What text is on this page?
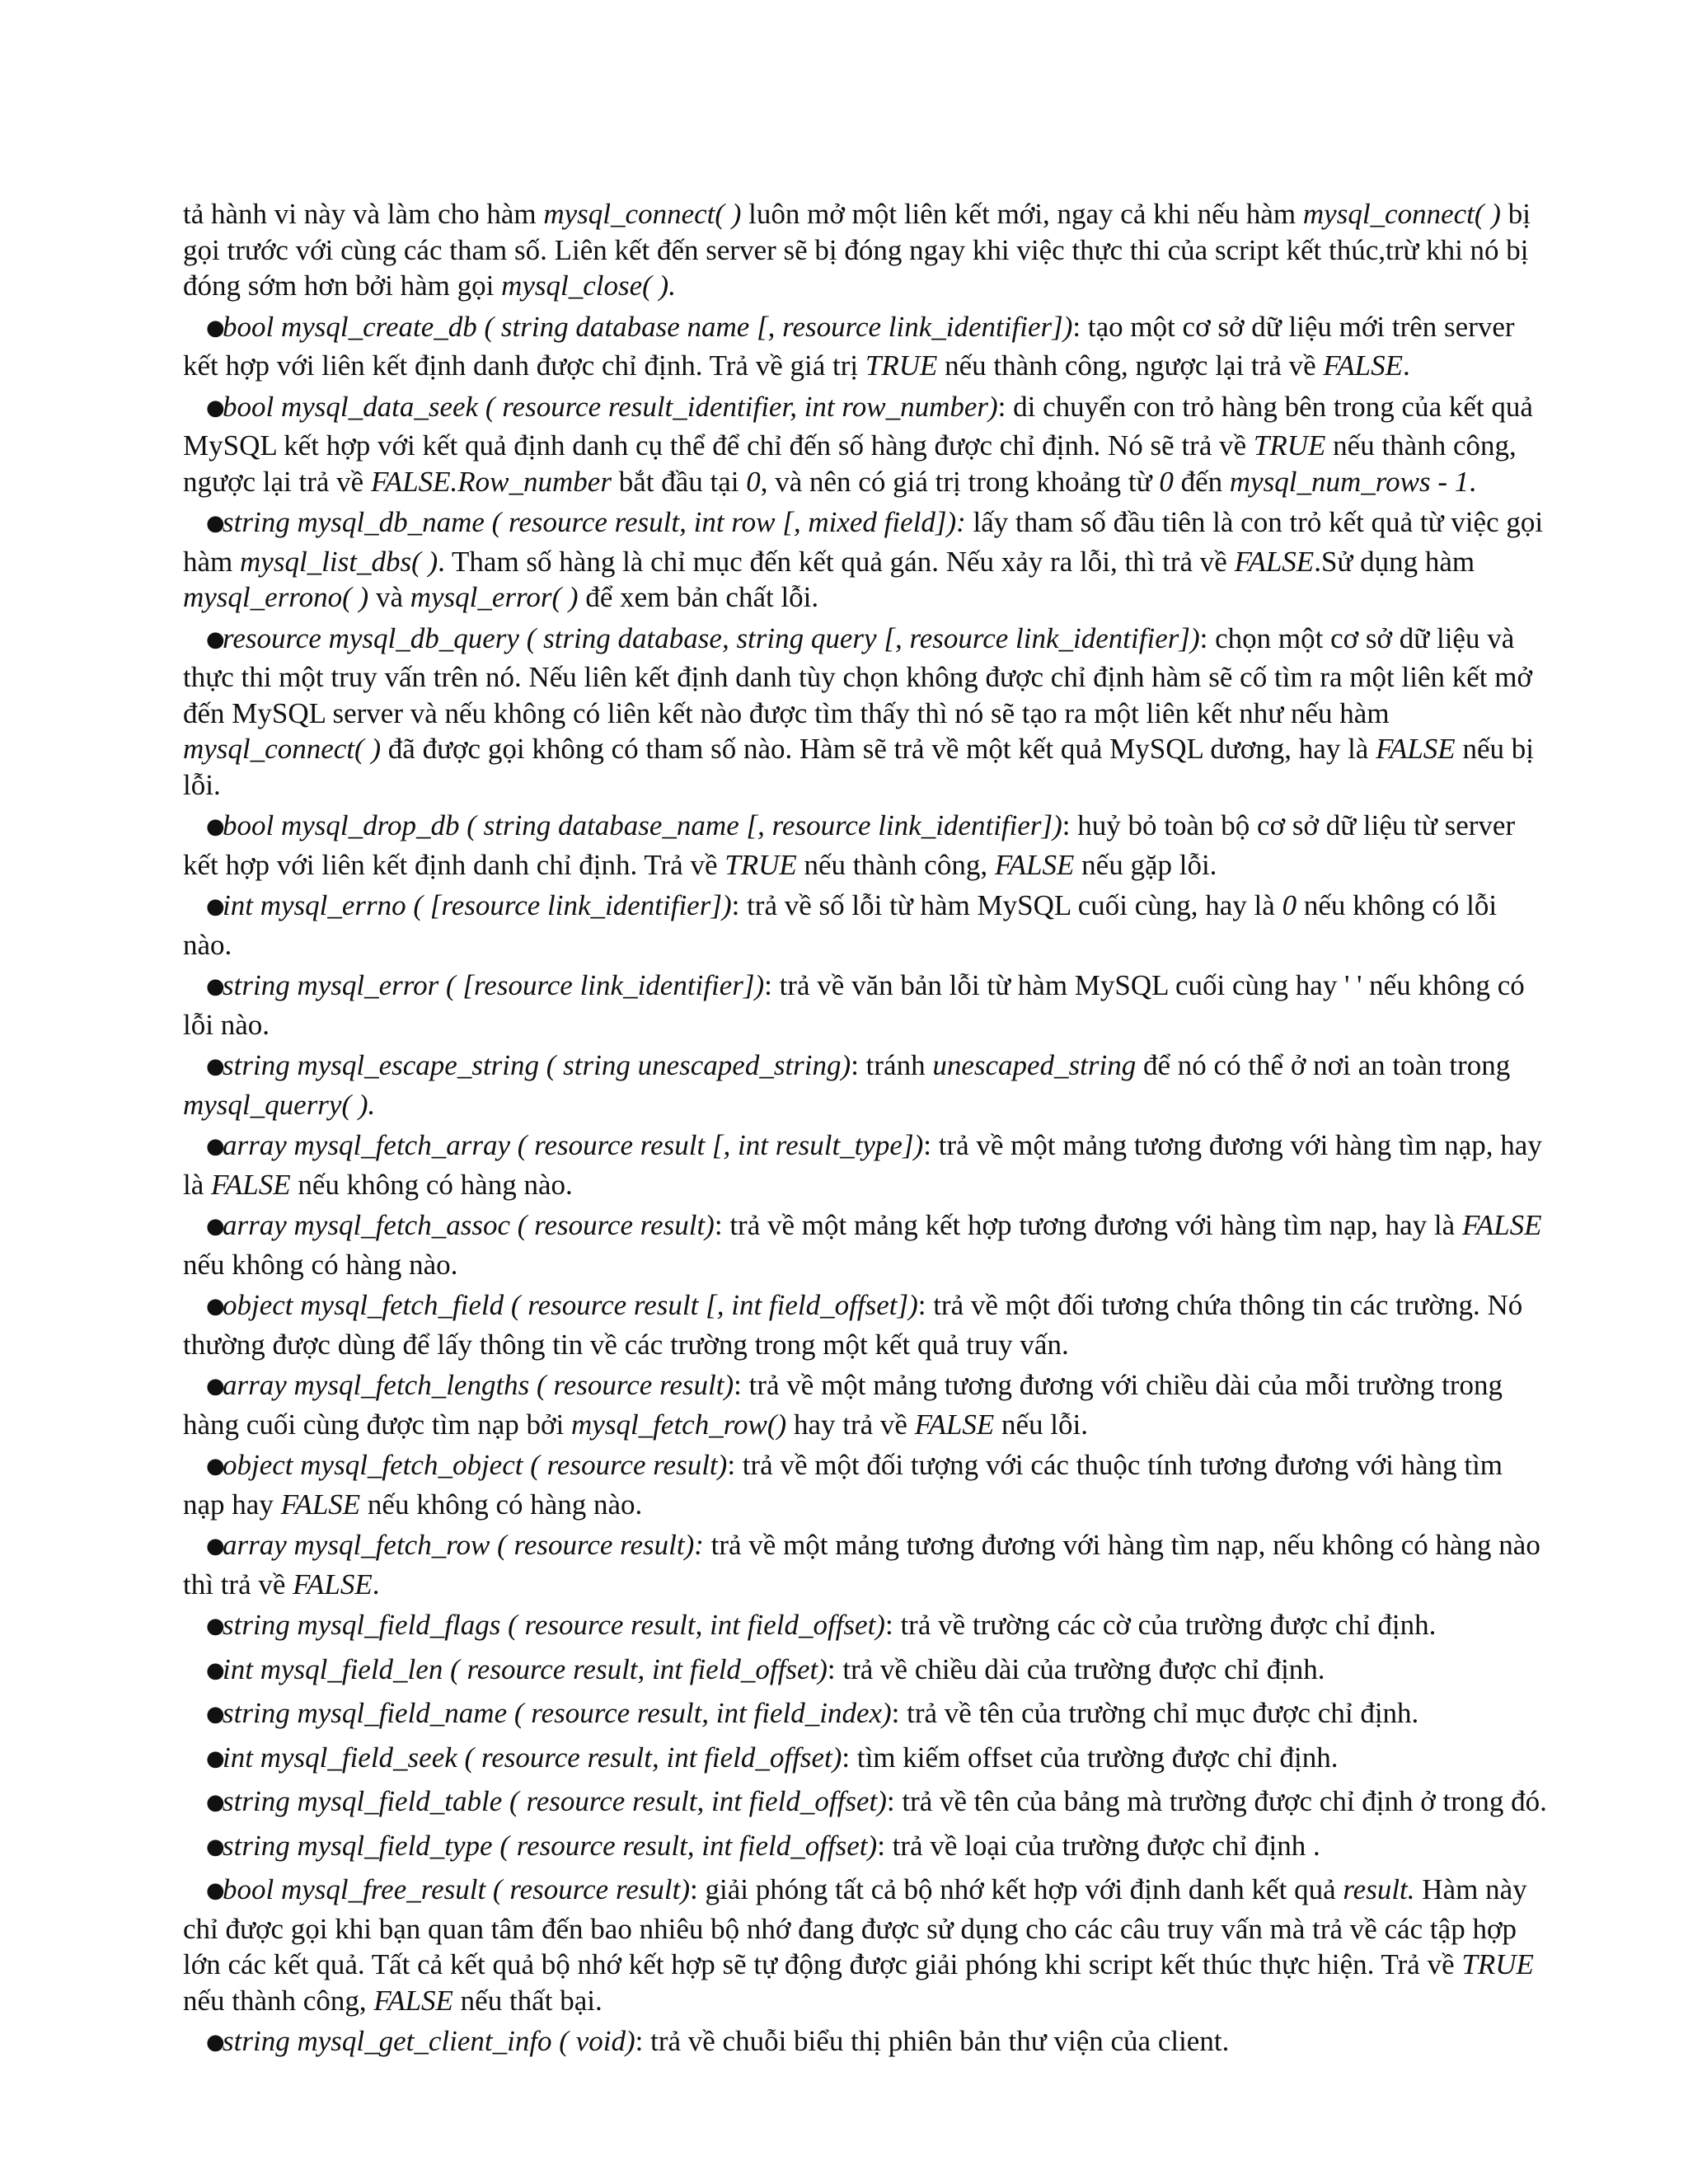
tả hành vi này và làm cho hàm mysql_connect( ) luôn mở một liên kết mới, ngay cả khi nếu hàm mysql_connect( ) bị gọi trước với cùng các tham số. Liên kết đến server sẽ bị đóng ngay khi việc thực thi của script kết thúc,trừ khi nó bị đóng sớm hơn bởi hàm gọi mysql_close( ).

●bool mysql_create_db ( string database name [, resource link_identifier]): tạo một cơ sở dữ liệu mới trên server kết hợp với liên kết định danh được chỉ định. Trả về giá trị TRUE nếu thành công, ngược lại trả về FALSE.

●bool mysql_data_seek ( resource result_identifier, int row_number): di chuyển con trỏ hàng bên trong của kết quả MySQL kết hợp với kết quả định danh cụ thể để chỉ đến số hàng được chỉ định. Nó sẽ trả về TRUE nếu thành công, ngược lại trả về FALSE.Row_number bắt đầu tại 0, và nên có giá trị trong khoảng từ 0 đến mysql_num_rows - 1.

●string mysql_db_name ( resource result, int row [, mixed field]): lấy tham số đầu tiên là con trỏ kết quả từ việc gọi hàm mysql_list_dbs( ). Tham số hàng là chỉ mục đến kết quả gán. Nếu xảy ra lỗi, thì trả về FALSE.Sử dụng hàm mysql_errono( ) và mysql_error( ) để xem bản chất lỗi.

●resource mysql_db_query ( string database, string query [, resource link_identifier]): chọn một cơ sở dữ liệu và thực thi một truy vấn trên nó. Nếu liên kết định danh tùy chọn không được chỉ định hàm sẽ cố tìm ra một liên kết mở đến MySQL server và nếu không có liên kết nào được tìm thấy thì nó sẽ tạo ra một liên kết như nếu hàm mysql_connect( ) đã được gọi không có tham số nào. Hàm sẽ trả về một kết quả MySQL dương, hay là FALSE nếu bị lỗi.

●bool mysql_drop_db ( string database_name [, resource link_identifier]): huỷ bỏ toàn bộ cơ sở dữ liệu từ server kết hợp với liên kết định danh chỉ định. Trả về TRUE nếu thành công, FALSE nếu gặp lỗi.

●int mysql_errno ( [resource link_identifier]): trả về số lỗi từ hàm MySQL cuối cùng, hay là 0 nếu không có lỗi nào.

●string mysql_error ( [resource link_identifier]): trả về văn bản lỗi từ hàm MySQL cuối cùng hay ' ' nếu không có lỗi nào.

●string mysql_escape_string ( string unescaped_string): tránh unescaped_string để nó có thể ở nơi an toàn trong mysql_querry( ).

●array mysql_fetch_array ( resource result [, int result_type]): trả về một mảng tương đương với hàng tìm nạp, hay là FALSE nếu không có hàng nào.

●array mysql_fetch_assoc ( resource result): trả về một mảng kết hợp tương đương với hàng tìm nạp, hay là FALSE nếu không có hàng nào.

●object mysql_fetch_field ( resource result [, int field_offset]): trả về một đối tương chứa thông tin các trường. Nó thường được dùng để lấy thông tin về các trường trong một kết quả truy vấn.

●array mysql_fetch_lengths ( resource result): trả về một mảng tương đương với chiều dài của mỗi trường trong hàng cuối cùng được tìm nạp bởi mysql_fetch_row() hay trả về FALSE nếu lỗi.

●object mysql_fetch_object ( resource result): trả về một đối tượng với các thuộc tính tương đương với hàng tìm nạp hay FALSE nếu không có hàng nào.

●array mysql_fetch_row ( resource result): trả về một mảng tương đương với hàng tìm nạp, nếu không có hàng nào thì trả về FALSE.

●string mysql_field_flags ( resource result, int field_offset): trả về trường các cờ của trường được chỉ định.

●int mysql_field_len ( resource result, int field_offset): trả về chiều dài của trường được chỉ định.

●string mysql_field_name ( resource result, int field_index): trả về tên của trường chỉ mục được chỉ định.

●int mysql_field_seek ( resource result, int field_offset): tìm kiếm offset của trường được chỉ định.

●string mysql_field_table ( resource result, int field_offset): trả về tên của bảng mà trường được chỉ định ở trong đó.

●string mysql_field_type ( resource result, int field_offset): trả về loại của trường được chỉ định .

●bool mysql_free_result ( resource result): giải phóng tất cả bộ nhớ kết hợp với định danh kết quả result. Hàm này chỉ được gọi khi bạn quan tâm đến bao nhiêu bộ nhớ đang được sử dụng cho các câu truy vấn mà trả về các tập hợp lớn các kết quả. Tất cả kết quả bộ nhớ kết hợp sẽ tự động được giải phóng khi script kết thúc thực hiện. Trả về TRUE nếu thành công, FALSE nếu thất bại.

●string mysql_get_client_info ( void): trả về chuỗi biểu thị phiên bản thư viện của client.
